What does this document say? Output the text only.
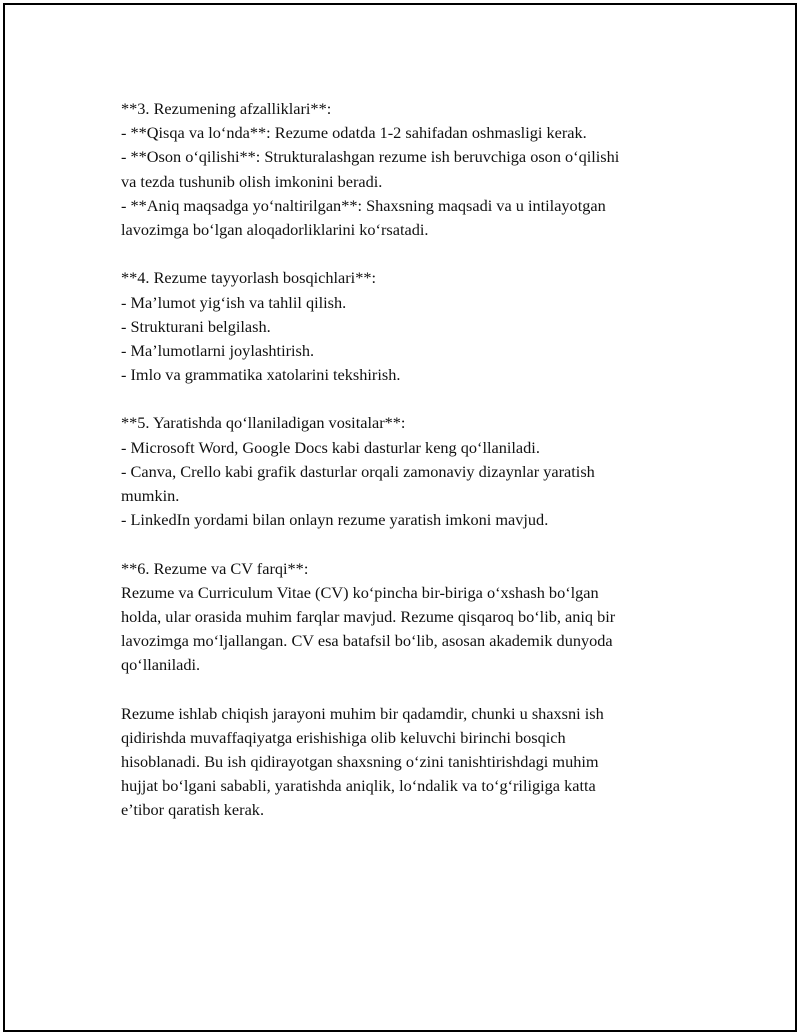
**3. Rezumening afzalliklari**:
- **Qisqa va lo‘nda**: Rezume odatda 1-2 sahifadan oshmasligi kerak.
- **Oson o‘qilishi**: Strukturalashgan rezume ish beruvchiga oson o‘qilishi
va tezda tushunib olish imkonini beradi.
- **Aniq maqsadga yo‘naltirilgan**: Shaxsning maqsadi va u intilayotgan
lavozimga bo‘lgan aloqadorliklarini ko‘rsatadi.
**4. Rezume tayyorlash bosqichlari**:
- Ma’lumot yig‘ish va tahlil qilish.
- Strukturani belgilash.
- Ma’lumotlarni joylashtirish.
- Imlo va grammatika xatolarini tekshirish.
**5. Yaratishda qo‘llaniladigan vositalar**:
- Microsoft Word, Google Docs kabi dasturlar keng qo‘llaniladi.
- Canva, Crello kabi grafik dasturlar orqali zamonaviy dizaynlar yaratish
mumkin.
- LinkedIn yordami bilan onlayn rezume yaratish imkoni mavjud.
**6. Rezume va CV farqi**:
Rezume va Curriculum Vitae (CV) ko‘pincha bir-biriga o‘xshash bo‘lgan
holda, ular orasida muhim farqlar mavjud. Rezume qisqaroq bo‘lib, aniq bir
lavozimga mo‘ljallangan. CV esa batafsil bo‘lib, asosan akademik dunyoda
qo‘llaniladi.
Rezume ishlab chiqish jarayoni muhim bir qadamdir, chunki u shaxsni ish
qidirishda muvaffaqiyatga erishishiga olib keluvchi birinchi bosqich
hisoblanadi. Bu ish qidirayotgan shaxsning o‘zini tanishtirishdagi muhim
hujjat bo‘lgani sababli, yaratishda aniqlik, lo‘ndalik va to‘g‘riligiga katta
e’tibor qaratish kerak.
